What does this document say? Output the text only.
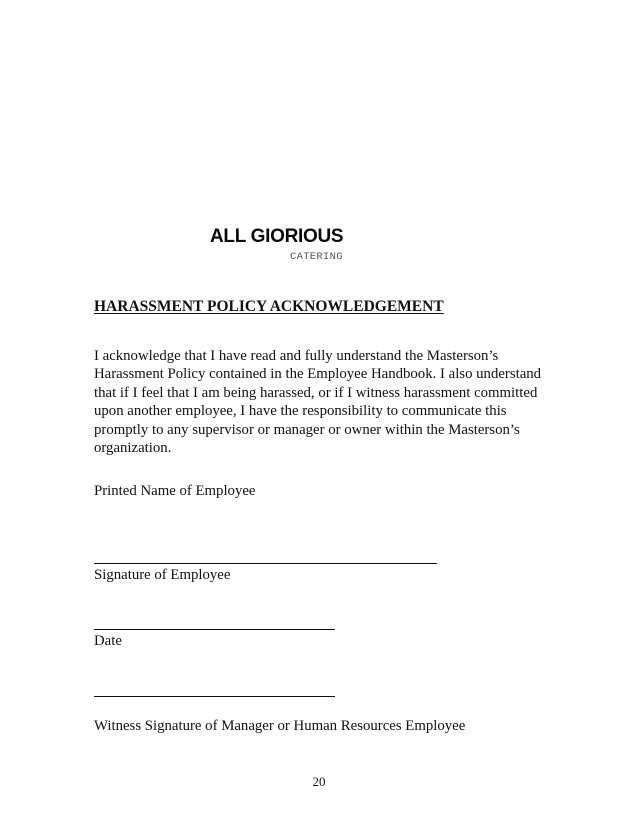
ALL GIORIOUS
CATERING
HARASSMENT POLICY ACKNOWLEDGEMENT
I acknowledge that I have read and fully understand the Masterson’s
Harassment Policy contained in the Employee Handbook. I also understand
that if I feel that I am being harassed, or if I witness harassment committed
upon another employee, I have the responsibility to communicate this
promptly to any supervisor or manager or owner within the Masterson’s
organization.
Printed Name of Employee
Signature of Employee
Date
Witness Signature of Manager or Human Resources Employee
20
